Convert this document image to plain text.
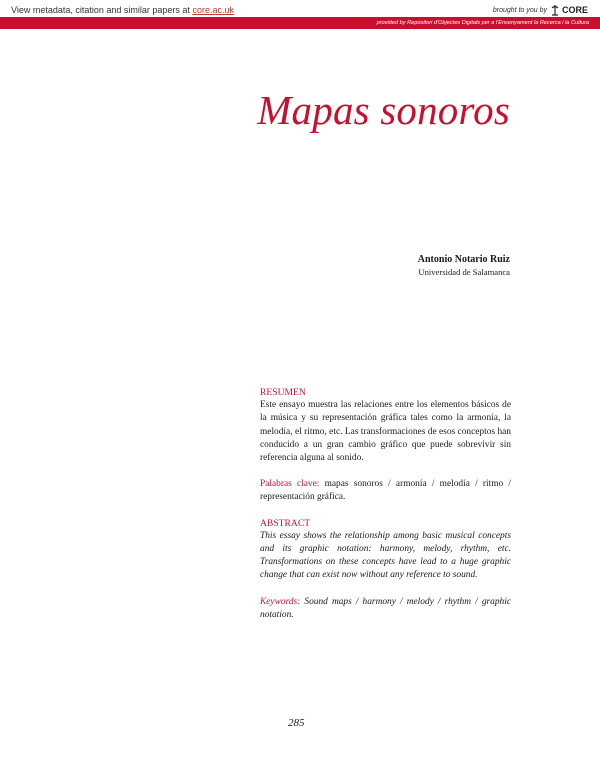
View metadata, citation and similar papers at core.ac.uk	brought to you by CORE
provided by Repositori d'Objectes Digitals per a l'Ensenyament la Recerca i la Cultura
Mapas sonoros
Antonio Notario Ruiz
Universidad de Salamanca

RESUMEN

Este ensayo muestra las relaciones entre los elementos básicos de la música y su representación gráfica tales como la armonía, la melodía, el ritmo, etc. Las transformaciones de esos conceptos han conducido a un gran cambio gráfico que puede sobrevivir sin referencia alguna al sonido.

Palabras clave: mapas sonoros / armonía / melodía / ritmo / representación gráfica.

ABSTRACT

This essay shows the relationship among basic musical concepts and its graphic notation: harmony, melody, rhythm, etc. Transformations on these concepts have lead to a huge graphic change that can exist now without any reference to sound.

Keywords: Sound maps / harmony / melody / rhythm / graphic notation.

285
